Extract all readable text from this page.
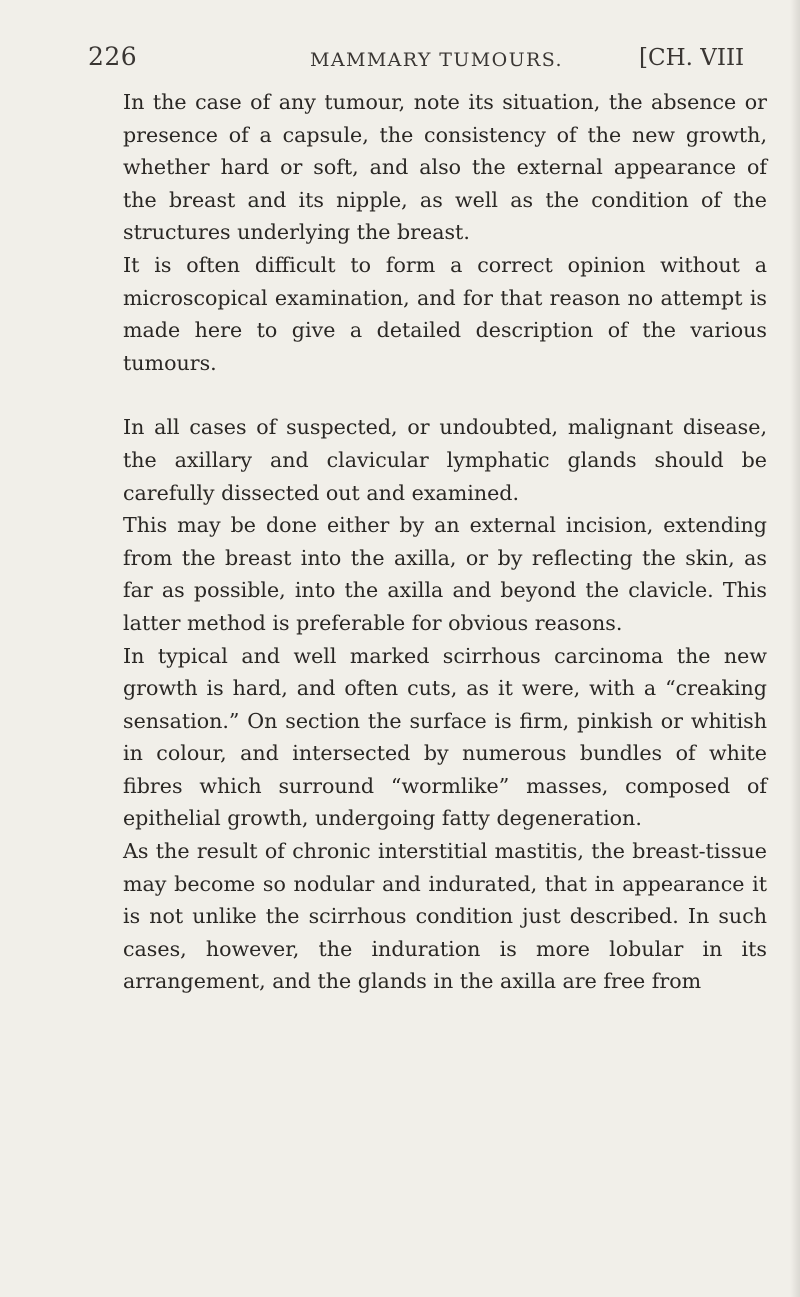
226	MAMMARY TUMOURS.	[CH. VIII

In the case of any tumour, note its situation, the absence or presence of a capsule, the consistency of the new growth, whether hard or soft, and also the external appearance of the breast and its nipple, as well as the condition of the structures underlying the breast.

It is often difficult to form a correct opinion without a microscopical examination, and for that reason no attempt is made here to give a detailed description of the various tumours.

In all cases of suspected, or undoubted, malignant disease, the axillary and clavicular lymphatic glands should be carefully dissected out and examined.

This may be done either by an external incision, extending from the breast into the axilla, or by reflecting the skin, as far as possible, into the axilla and beyond the clavicle. This latter method is preferable for obvious reasons.

In typical and well marked scirrhous carcinoma the new growth is hard, and often cuts, as it were, with a “creaking sensation.” On section the surface is firm, pinkish or whitish in colour, and intersected by numerous bundles of white fibres which surround “wormlike” masses, composed of epithelial growth, undergoing fatty degeneration.

As the result of chronic interstitial mastitis, the breast-tissue may become so nodular and indurated, that in appearance it is not unlike the scirrhous condition just described. In such cases, however, the induration is more lobular in its arrangement, and the glands in the axilla are free from
